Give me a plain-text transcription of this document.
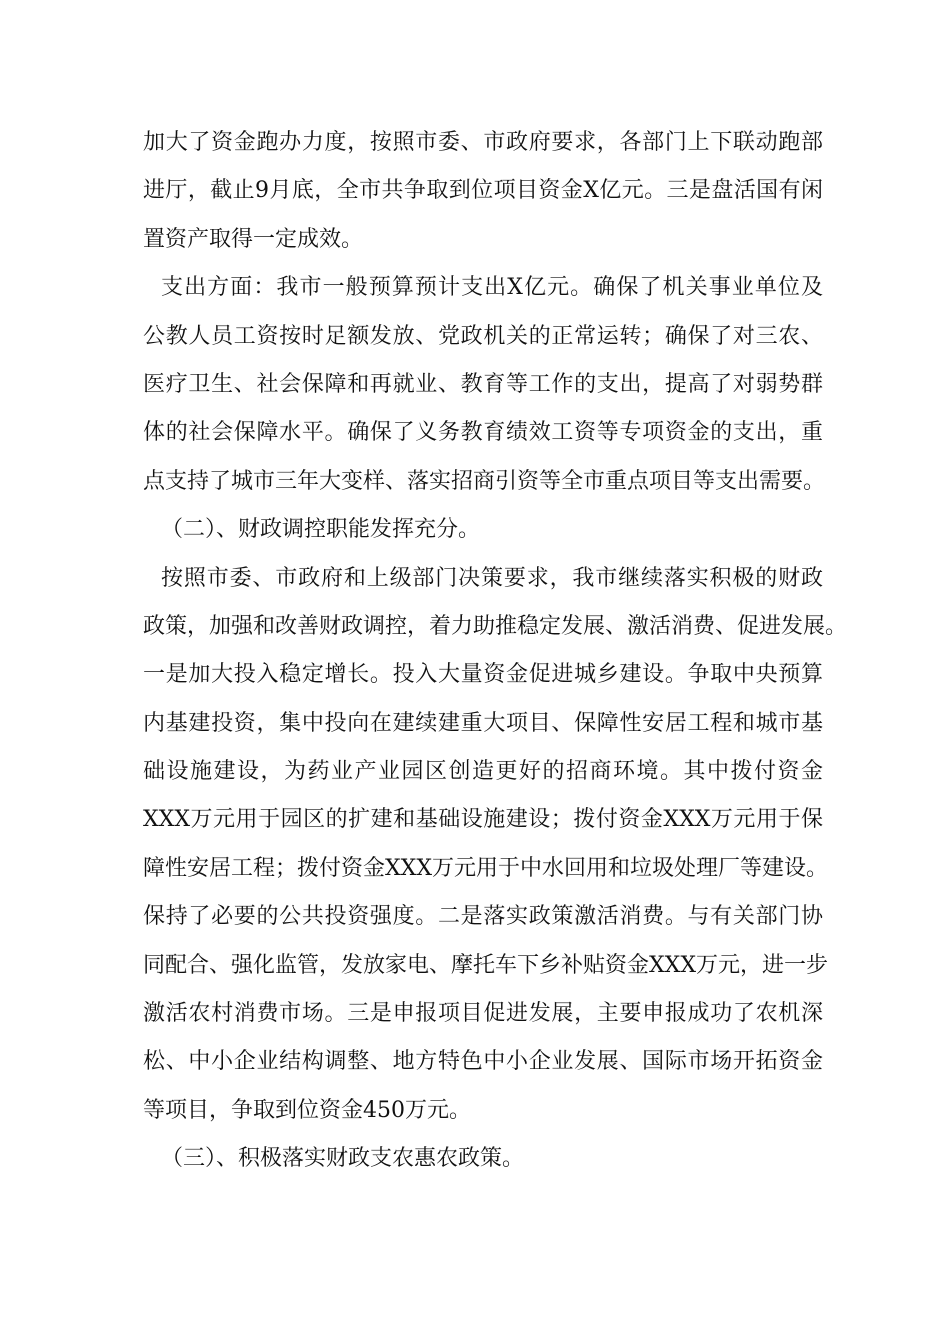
加大了资金跑办力度，按照市委、市政府要求，各部门上下联动跑部
进厅，截止9月底，全市共争取到位项目资金X亿元。三是盘活国有闲
置资产取得一定成效。
支出方面：我市一般预算预计支出X亿元。确保了机关事业单位及
公教人员工资按时足额发放、党政机关的正常运转；确保了对三农、
医疗卫生、社会保障和再就业、教育等工作的支出，提高了对弱势群
体的社会保障水平。确保了义务教育绩效工资等专项资金的支出，重
点支持了城市三年大变样、落实招商引资等全市重点项目等支出需要。
（二）、财政调控职能发挥充分。
按照市委、市政府和上级部门决策要求，我市继续落实积极的财政
政策，加强和改善财政调控，着力助推稳定发展、激活消费、促进发展。
一是加大投入稳定增长。投入大量资金促进城乡建设。争取中央预算
内基建投资，集中投向在建续建重大项目、保障性安居工程和城市基
础设施建设，为药业产业园区创造更好的招商环境。其中拨付资金
XXX万元用于园区的扩建和基础设施建设；拨付资金XXX万元用于保
障性安居工程；拨付资金XXX万元用于中水回用和垃圾处理厂等建设。
保持了必要的公共投资强度。二是落实政策激活消费。与有关部门协
同配合、强化监管，发放家电、摩托车下乡补贴资金XXX万元，进一步
激活农村消费市场。三是申报项目促进发展，主要申报成功了农机深
松、中小企业结构调整、地方特色中小企业发展、国际市场开拓资金
等项目，争取到位资金450万元。
（三）、积极落实财政支农惠农政策。
